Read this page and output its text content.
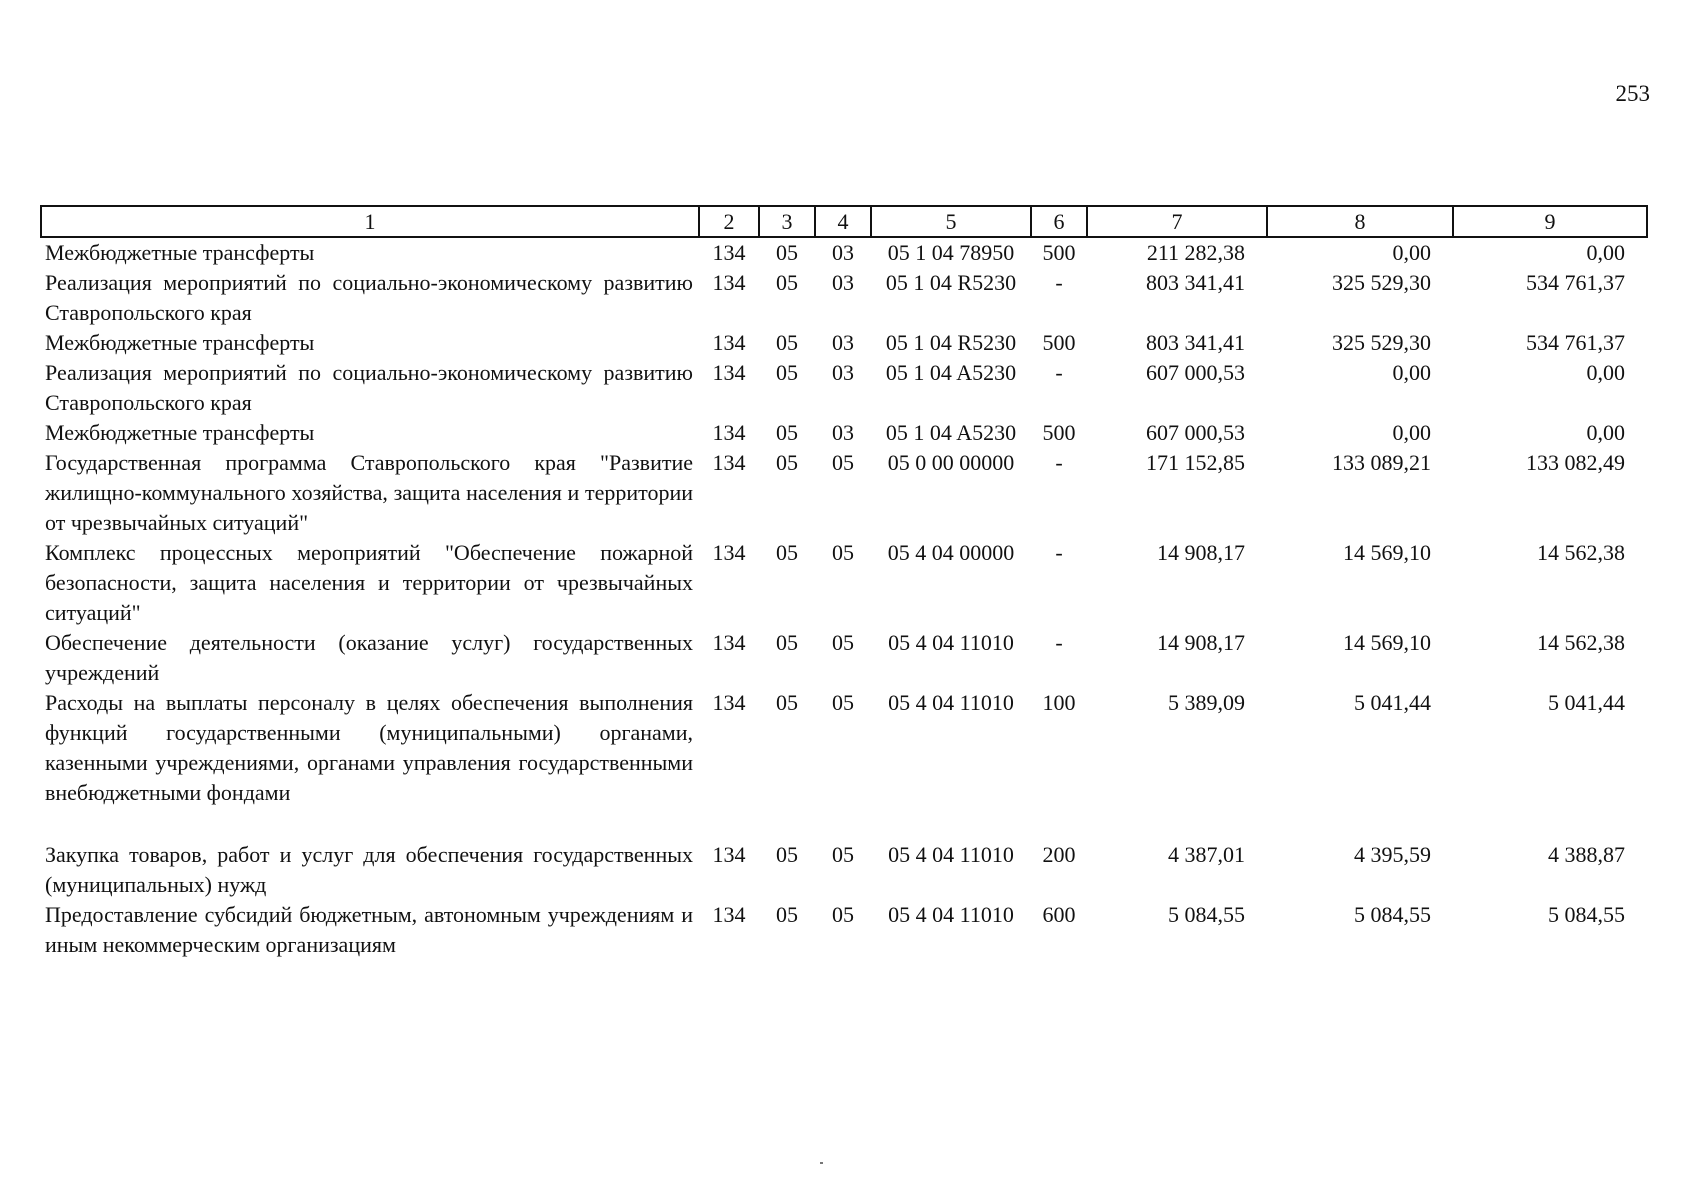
253
1	2	3	4	5	6	7	8	9
Межбюджетные трансферты	134	05	03	05 1 04 78950	500	211 282,38	0,00	0,00
Реализация мероприятий по социально-экономическому развитию Ставропольского края	134	05	03	05 1 04 R5230	-	803 341,41	325 529,30	534 761,37
Межбюджетные трансферты	134	05	03	05 1 04 R5230	500	803 341,41	325 529,30	534 761,37
Реализация мероприятий по социально-экономическому развитию Ставропольского края	134	05	03	05 1 04 A5230	-	607 000,53	0,00	0,00
Межбюджетные трансферты	134	05	03	05 1 04 A5230	500	607 000,53	0,00	0,00
Государственная программа Ставропольского края "Развитие жилищно-коммунального хозяйства, защита населения и территории от чрезвычайных ситуаций"	134	05	05	05 0 00 00000	-	171 152,85	133 089,21	133 082,49
Комплекс процессных мероприятий "Обеспечение пожарной безопасности, защита населения и территории от чрезвычайных ситуаций"	134	05	05	05 4 04 00000	-	14 908,17	14 569,10	14 562,38
Обеспечение деятельности (оказание услуг) государственных учреждений	134	05	05	05 4 04 11010	-	14 908,17	14 569,10	14 562,38
Расходы на выплаты персоналу в целях обеспечения выполнения функций государственными (муниципальными) органами, казенными учреждениями, органами управления государственными внебюджетными фондами	134	05	05	05 4 04 11010	100	5 389,09	5 041,44	5 041,44
Закупка товаров, работ и услуг для обеспечения государственных (муниципальных) нужд	134	05	05	05 4 04 11010	200	4 387,01	4 395,59	4 388,87
Предоставление субсидий бюджетным, автономным учреждениям и иным некоммерческим организациям	134	05	05	05 4 04 11010	600	5 084,55	5 084,55	5 084,55
